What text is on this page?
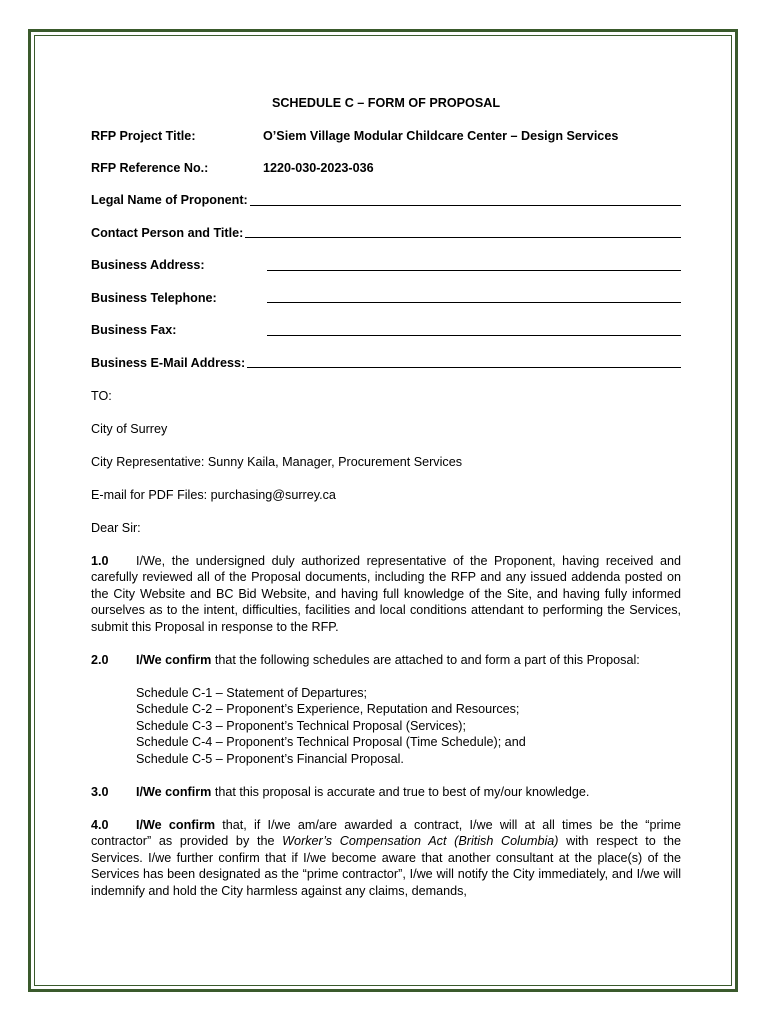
SCHEDULE C – FORM OF PROPOSAL
RFP Project Title:	O’Siem Village Modular Childcare Center – Design Services
RFP Reference No.:	1220-030-2023-036
Legal Name of Proponent:
Contact Person and Title:
Business Address:
Business Telephone:
Business Fax:
Business E-Mail Address:

TO:

City of Surrey

City Representative: Sunny Kaila, Manager, Procurement Services

E-mail for PDF Files: purchasing@surrey.ca

Dear Sir:

1.0 I/We, the undersigned duly authorized representative of the Proponent, having received and carefully reviewed all of the Proposal documents, including the RFP and any issued addenda posted on the City Website and BC Bid Website, and having full knowledge of the Site, and having fully informed ourselves as to the intent, difficulties, facilities and local conditions attendant to performing the Services, submit this Proposal in response to the RFP.

2.0 I/We confirm that the following schedules are attached to and form a part of this Proposal:

Schedule C-1 – Statement of Departures;
Schedule C-2 – Proponent’s Experience, Reputation and Resources;
Schedule C-3 – Proponent’s Technical Proposal (Services);
Schedule C-4 – Proponent’s Technical Proposal (Time Schedule); and
Schedule C-5 – Proponent’s Financial Proposal.

3.0 I/We confirm that this proposal is accurate and true to best of my/our knowledge.

4.0 I/We confirm that, if I/we am/are awarded a contract, I/we will at all times be the “prime contractor” as provided by the Worker’s Compensation Act (British Columbia) with respect to the Services. I/we further confirm that if I/we become aware that another consultant at the place(s) of the Services has been designated as the “prime contractor”, I/we will notify the City immediately, and I/we will indemnify and hold the City harmless against any claims, demands,
